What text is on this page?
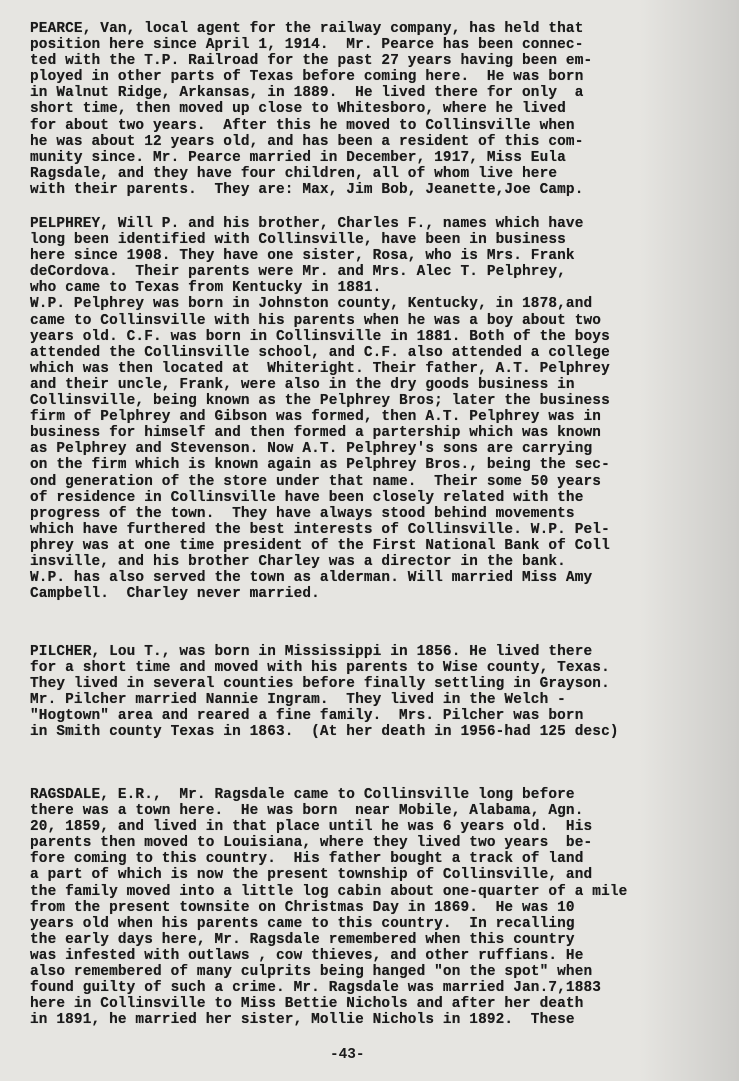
PEARCE, Van, local agent for the railway company, has held that
position here since April 1, 1914.  Mr. Pearce has been connec-
ted with the T.P. Railroad for the past 27 years having been em-
ployed in other parts of Texas before coming here.  He was born
in Walnut Ridge, Arkansas, in 1889.  He lived there for only  a
short time, then moved up close to Whitesboro, where he lived
for about two years.  After this he moved to Collinsville when
he was about 12 years old, and has been a resident of this com-
munity since. Mr. Pearce married in December, 1917, Miss Eula
Ragsdale, and they have four children, all of whom live here
with their parents.  They are: Max, Jim Bob, Jeanette,Joe Camp.
PELPHREY, Will P. and his brother, Charles F., names which have
long been identified with Collinsville, have been in business
here since 1908. They have one sister, Rosa, who is Mrs. Frank
deCordova.  Their parents were Mr. and Mrs. Alec T. Pelphrey,
who came to Texas from Kentucky in 1881.
W.P. Pelphrey was born in Johnston county, Kentucky, in 1878,and
came to Collinsville with his parents when he was a boy about two
years old. C.F. was born in Collinsville in 1881. Both of the boys
attended the Collinsville school, and C.F. also attended a college
which was then located at  Whiteright. Their father, A.T. Pelphrey
and their uncle, Frank, were also in the dry goods business in
Collinsville, being known as the Pelphrey Bros; later the business
firm of Pelphrey and Gibson was formed, then A.T. Pelphrey was in
business for himself and then formed a partership which was known
as Pelphrey and Stevenson. Now A.T. Pelphrey's sons are carrying
on the firm which is known again as Pelphrey Bros., being the sec-
ond generation of the store under that name.  Their some 50 years
of residence in Collinsville have been closely related with the
progress of the town.  They have always stood behind movements
which have furthered the best interests of Collinsville. W.P. Pel-
phrey was at one time president of the First National Bank of Coll
insville, and his brother Charley was a director in the bank.
W.P. has also served the town as alderman. Will married Miss Amy
Campbell.  Charley never married.
PILCHER, Lou T., was born in Mississippi in 1856. He lived there
for a short time and moved with his parents to Wise county, Texas.
They lived in several counties before finally settling in Grayson.
Mr. Pilcher married Nannie Ingram.  They lived in the Welch -
"Hogtown" area and reared a fine family.  Mrs. Pilcher was born
in Smith county Texas in 1863.  (At her death in 1956-had 125 desc)
RAGSDALE, E.R.,  Mr. Ragsdale came to Collinsville long before
there was a town here.  He was born  near Mobile, Alabama, Agn.
20, 1859, and lived in that place until he was 6 years old.  His
parents then moved to Louisiana, where they lived two years  be-
fore coming to this country.  His father bought a track of land
a part of which is now the present township of Collinsville, and
the family moved into a little log cabin about one-quarter of a mile
from the present townsite on Christmas Day in 1869.  He was 10
years old when his parents came to this country.  In recalling
the early days here, Mr. Ragsdale remembered when this country
was infested with outlaws , cow thieves, and other ruffians. He
also remembered of many culprits being hanged "on the spot" when
found guilty of such a crime. Mr. Ragsdale was married Jan.7,1883
here in Collinsville to Miss Bettie Nichols and after her death
in 1891, he married her sister, Mollie Nichols in 1892.  These
-43-
